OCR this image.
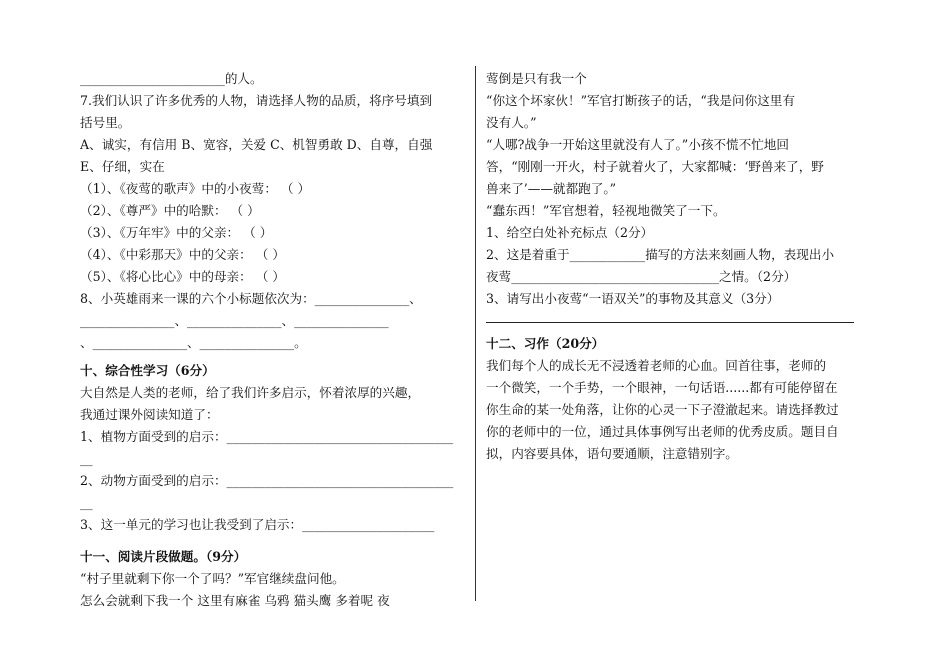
_______________________的人。
7.我们认识了许多优秀的人物，请选择人物的品质，将序号填到
括号里。
A、诚实，有信用 B、宽容，关爱 C、机智勇敢 D、自尊，自强
E、仔细，实在
（1）、《夜莺的歌声》中的小夜莺： （ ）
（2）、《尊严》中的哈默： （ ）
（3）、《万年牢》中的父亲： （ ）
（4）、《中彩那天》中的父亲： （ ）
（5）、《将心比心》中的母亲： （ ）
8、小英雄雨来一课的六个小标题依次为：_______________、
_______________、_______________、_______________
、_______________、_______________。
十、综合性学习（6分）
大自然是人类的老师，给了我们许多启示，怀着浓厚的兴趣，
我通过课外阅读知道了：
1、植物方面受到的启示：____________________________________
__
2、动物方面受到的启示：____________________________________
__
3、这一单元的学习也让我受到了启示：_____________________
十一、阅读片段做题。（9分）
“村子里就剩下你一个了吗？”军官继续盘问他。
怎么会就剩下我一个 这里有麻雀 乌鸦 猫头鹰 多着呢 夜
莺倒是只有我一个
“你这个坏家伙！”军官打断孩子的话，“我是问你这里有
没有人。”
“人哪?战争一开始这里就没有人了。”小孩不慌不忙地回
答，“刚刚一开火，村子就着火了，大家都喊：‘野兽来了，野
兽来了’——就都跑了。”
“蠢东西！”军官想着，轻视地微笑了一下。
1、给空白处补充标点（2分）
2、这是着重于____________描写的方法来刻画人物，表现出小
夜莺_________________________________之情。（2分）
3、请写出小夜莺“一语双关”的事物及其意义（3分）
十二、习作（20分）
我们每个人的成长无不浸透着老师的心血。回首往事，老师的
一个微笑，一个手势，一个眼神，一句话语......都有可能停留在
你生命的某一处角落，让你的心灵一下子澄澈起来。请选择教过
你的老师中的一位，通过具体事例写出老师的优秀皮质。题目自
拟，内容要具体，语句要通顺，注意错别字。
